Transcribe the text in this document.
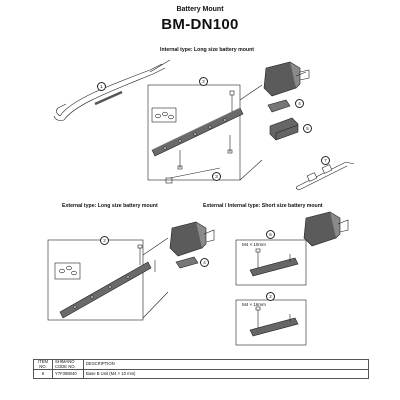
Battery Mount
BM-DN100
Internal type: Long size battery mount
External type: Long size battery mount	External / Internal type: Short size battery mount
1
2
3
4
5
7
2
4
6
2
M4 × 10mm
M4 × 16mm
ITEM NO.	SHIMANO CODE NO.	DESCRIPTION
6	Y7F398040	Base B Unit (M4 × 10 mm)
